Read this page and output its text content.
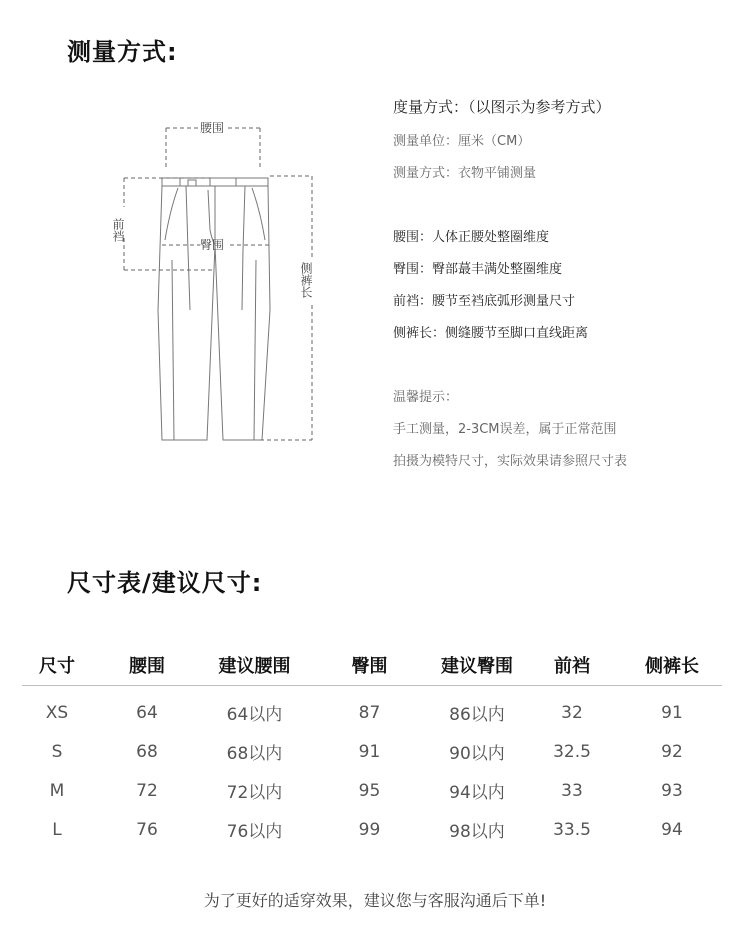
测量方式:
腰围
臀围
前裆
侧裤长
度量方式：（以图示为参考方式）
测量单位：厘米（CM）
测量方式：衣物平铺测量
腰围：人体正腰处整圈维度
臀围：臀部蕞丰满处整圈维度
前裆：腰节至裆底弧形测量尺寸
侧裤长：侧缝腰节至脚口直线距离
温馨提示：
手工测量，2-3CM误差，属于正常范围
拍摄为模特尺寸，实际效果请参照尺寸表
尺寸表/建议尺寸:
尺寸	腰围	建议腰围	臀围	建议臀围	前裆	侧裤长
XS	64	64以内	87	86以内	32	91
S	68	68以内	91	90以内	32.5	92
M	72	72以内	95	94以内	33	93
L	76	76以内	99	98以内	33.5	94
为了更好的适穿效果，建议您与客服沟通后下单!
